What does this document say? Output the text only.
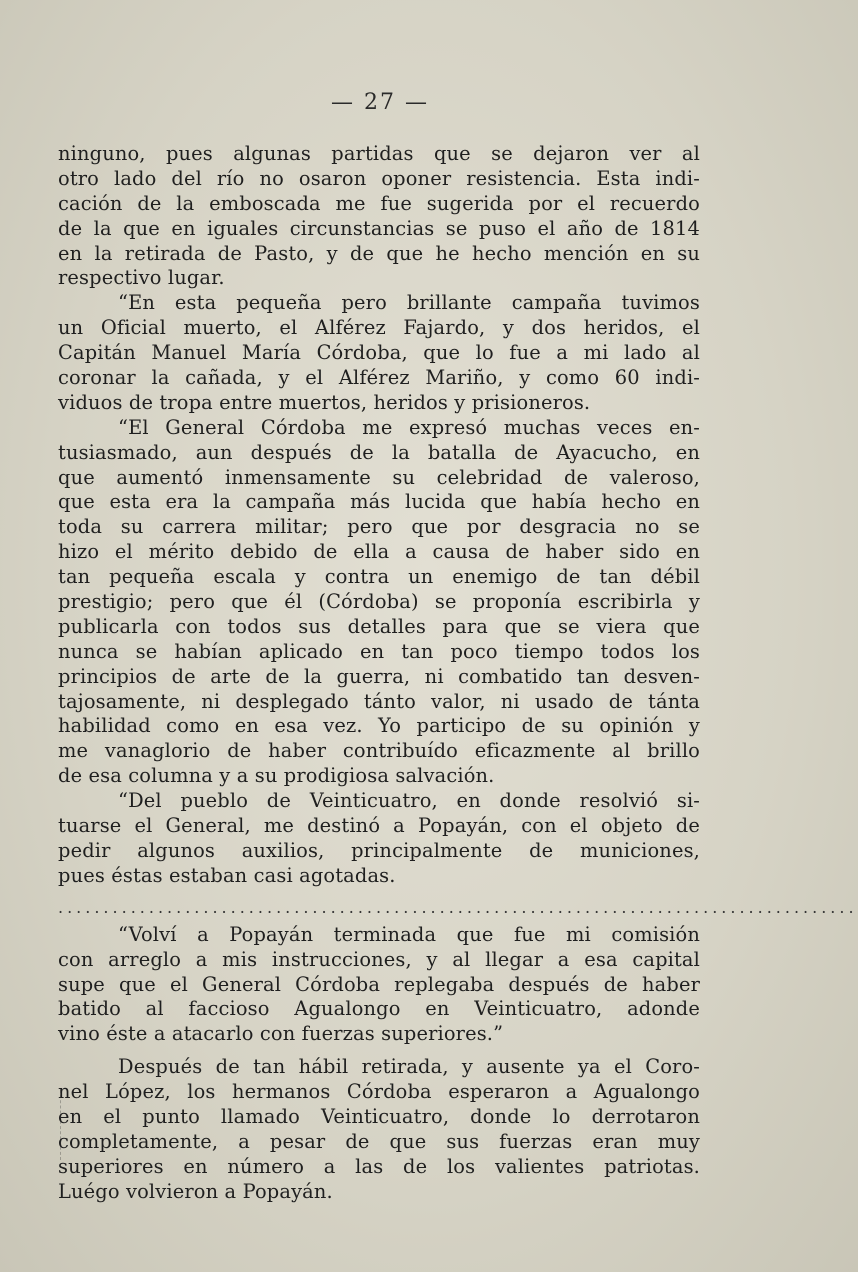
— 27 —
ninguno, pues algunas partidas que se dejaron ver al
otro lado del río no osaron oponer resistencia. Esta indi-
cación de la emboscada me fue sugerida por el recuerdo
de la que en iguales circunstancias se puso el año de 1814
en la retirada de Pasto, y de que he hecho mención en su
respectivo lugar.
“En esta pequeña pero brillante campaña tuvimos
un Oficial muerto, el Alférez Fajardo, y dos heridos, el
Capitán Manuel María Córdoba, que lo fue a mi lado al
coronar la cañada, y el Alférez Mariño, y como 60 indi-
viduos de tropa entre muertos, heridos y prisioneros.
“El General Córdoba me expresó muchas veces en-
tusiasmado, aun después de la batalla de Ayacucho, en
que aumentó inmensamente su celebridad de valeroso,
que esta era la campaña más lucida que había hecho en
toda su carrera militar; pero que por desgracia no se
hizo el mérito debido de ella a causa de haber sido en
tan pequeña escala y contra un enemigo de tan débil
prestigio; pero que él (Córdoba) se proponía escribirla y
publicarla con todos sus detalles para que se viera que
nunca se habían aplicado en tan poco tiempo todos los
principios de arte de la guerra, ni combatido tan desven-
tajosamente, ni desplegado tánto valor, ni usado de tánta
habilidad como en esa vez. Yo participo de su opinión y
me vanaglorio de haber contribuído eficazmente al brillo
de esa columna y a su prodigiosa salvación.
“Del pueblo de Veinticuatro, en donde resolvió si-
tuarse el General, me destinó a Popayán, con el objeto de
pedir algunos auxilios, principalmente de municiones,
pues éstas estaban casi agotadas.
........................................................................................
“Volví a Popayán terminada que fue mi comisión
con arreglo a mis instrucciones, y al llegar a esa capital
supe que el General Córdoba replegaba después de haber
batido al faccioso Agualongo en Veinticuatro, adonde
vino éste a atacarlo con fuerzas superiores.”
Después de tan hábil retirada, y ausente ya el Coro-
nel López, los hermanos Córdoba esperaron a Agualongo
en el punto llamado Veinticuatro, donde lo derrotaron
completamente, a pesar de que sus fuerzas eran muy
superiores en número a las de los valientes patriotas.
Luégo volvieron a Popayán.
